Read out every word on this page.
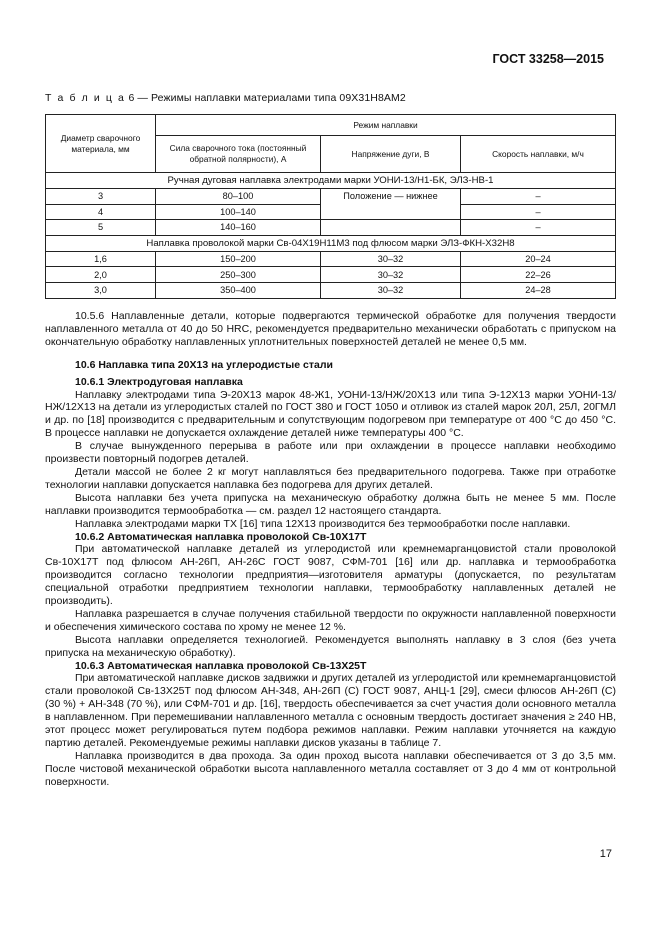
ГОСТ 33258—2015
Т а б л и ц а 6 — Режимы наплавки материалами типа 09Х31Н8АМ2
Диаметр сварочного материала, мм	Режим наплавки		
	Сила сварочного тока (постоянный обратной полярности), А	Напряжение дуги, В	Скорость наплавки, м/ч
Ручная дуговая наплавка электродами марки УОНИ-13/Н1-БК, ЭЛЗ-НВ-1			
3	80–100	Положение — нижнее	–
4	100–140		–
5	140–160		–
Наплавка проволокой марки Св-04Х19Н11М3 под флюсом марки ЭЛЗ-ФКН-Х32Н8			
1,6	150–200	30–32	20–24
2,0	250–300	30–32	22–26
3,0	350–400	30–32	24–28

10.5.6 Наплавленные детали, которые подвергаются термической обработке для получения твердости наплавленного металла от 40 до 50 HRC, рекомендуется предварительно механически обработать с припуском на окончательную обработку наплавленных уплотнительных поверхностей деталей не менее 0,5 мм.

10.6 Наплавка типа 20Х13 на углеродистые стали

10.6.1 Электродуговая наплавка

Наплавку электродами типа Э-20Х13 марок 48-Ж1, УОНИ-13/НЖ/20Х13 или типа Э-12Х13 марки УОНИ-13/НЖ/12Х13 на детали из углеродистых сталей по ГОСТ 380 и ГОСТ 1050 и отливок из сталей марок 20Л, 25Л, 20ГМЛ и др. по [18] производится с предварительным и сопутствующим подогревом при температуре от 400 °С до 450 °С. В процессе наплавки не допускается охлаждение деталей ниже температуры 400 °С.

В случае вынужденного перерыва в работе или при охлаждении в процессе наплавки необходимо произвести повторный подогрев деталей.

Детали массой не более 2 кг могут наплавляться без предварительного подогрева. Также при отработке технологии наплавки допускается наплавка без подогрева для других деталей.

Высота наплавки без учета припуска на механическую обработку должна быть не менее 5 мм. После наплавки производится термообработка — см. раздел 12 настоящего стандарта.

Наплавка электродами марки ТХ [16] типа 12Х13 производится без термообработки после наплавки.

10.6.2 Автоматическая наплавка проволокой Св-10Х17Т

При автоматической наплавке деталей из углеродистой или кремнемарганцовистой стали проволокой Св-10Х17Т под флюсом АН-26П, АН-26С ГОСТ 9087, СФМ-701 [16] или др. наплавка и термообработка производится согласно технологии предприятия—изготовителя арматуры (допускается, по результатам специальной отработки предприятием технологии наплавки, термообработку наплавленных деталей не производить).

Наплавка разрешается в случае получения стабильной твердости по окружности наплавленной поверхности и обеспечения химического состава по хрому не менее 12 %.

Высота наплавки определяется технологией. Рекомендуется выполнять наплавку в 3 слоя (без учета припуска на механическую обработку).

10.6.3 Автоматическая наплавка проволокой Св-13Х25Т

При автоматической наплавке дисков задвижки и других деталей из углеродистой или кремнемарганцовистой стали проволокой Св-13Х25Т под флюсом АН-348, АН-26П (С) ГОСТ 9087, АНЦ-1 [29], смеси флюсов АН-26П (С) (30 %) + АН-348 (70 %), или СФМ-701 и др. [16], твердость обеспечивается за счет участия доли основного металла в наплавленном. При перемешивании наплавленного металла с основным твердость достигает значения ≥ 240 НВ, этот процесс может регулироваться путем подбора режимов наплавки. Режим наплавки уточняется на каждую партию деталей. Рекомендуемые режимы наплавки дисков указаны в таблице 7.

Наплавка производится в два прохода. За один проход высота наплавки обеспечивается от 3 до 3,5 мм. После чистовой механической обработки высота наплавленного металла составляет от 3 до 4 мм от контрольной поверхности.

17
